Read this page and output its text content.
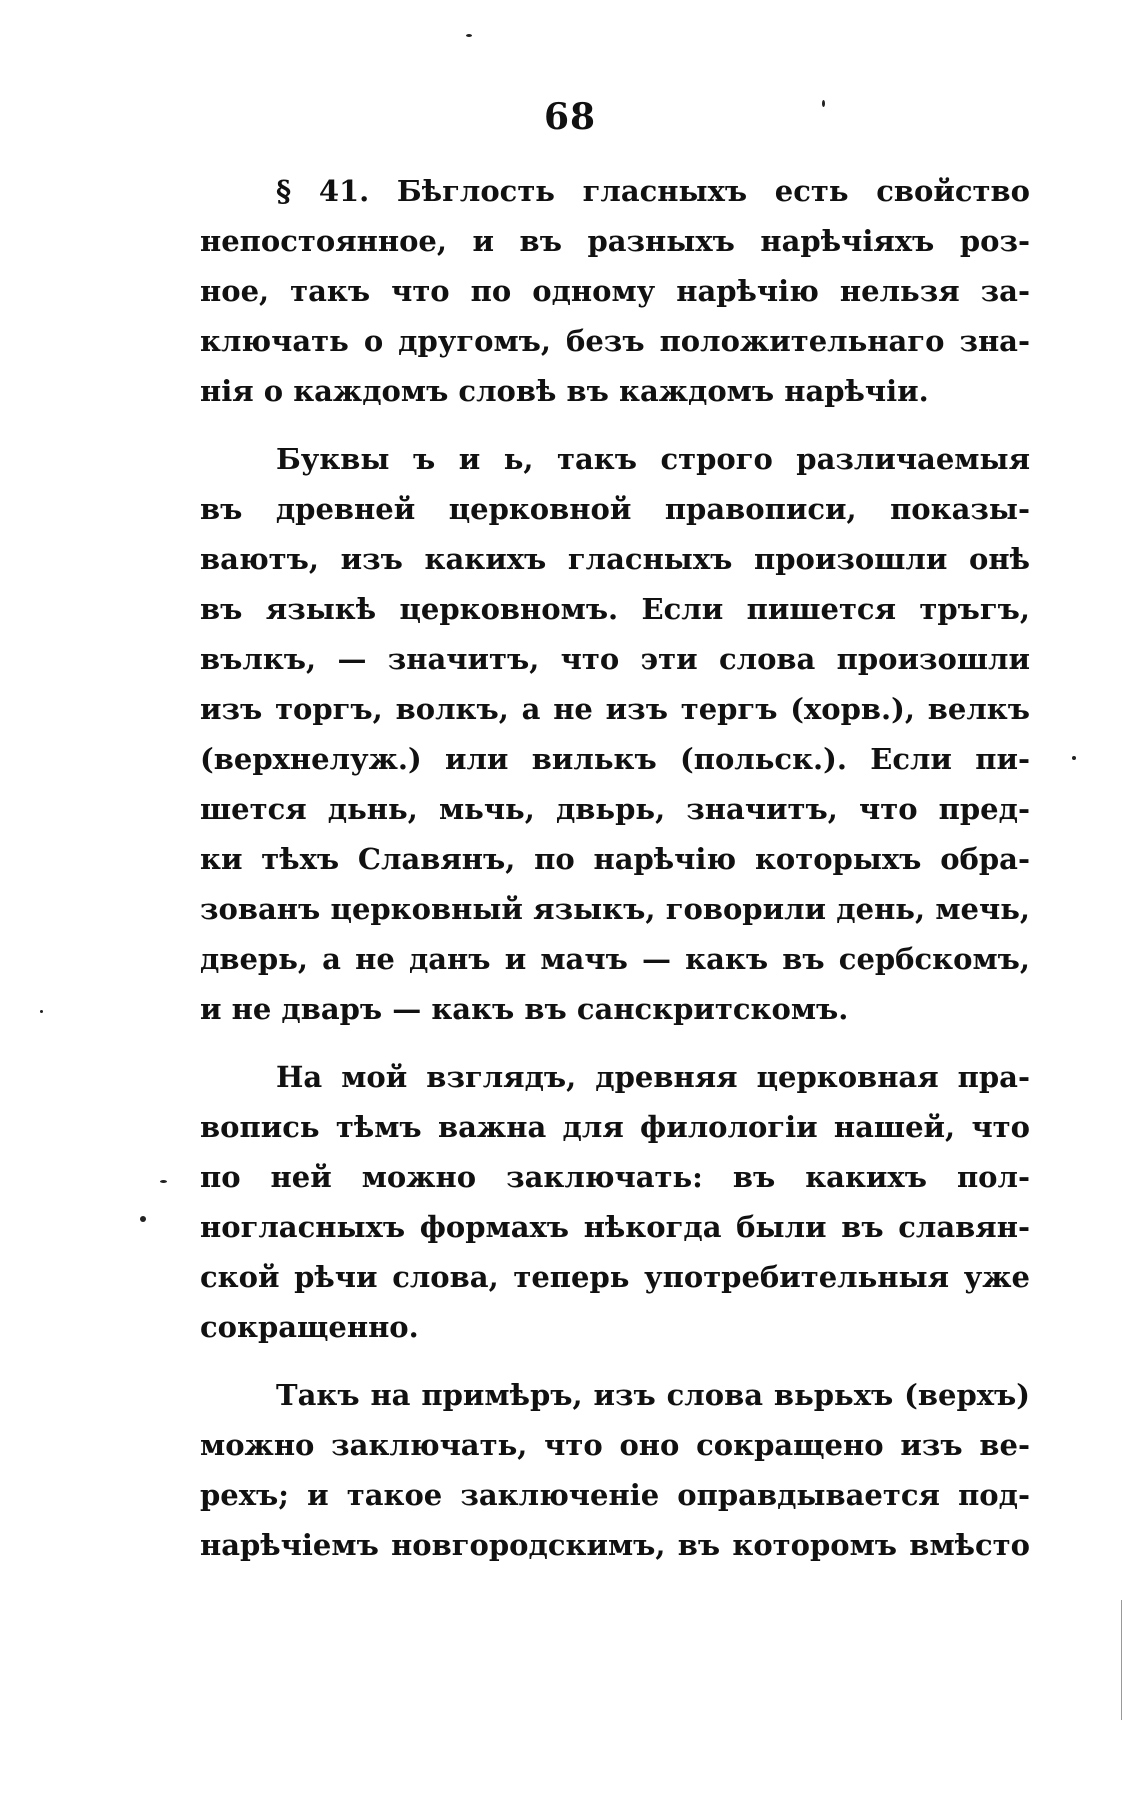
68
§ 41. Бѣглость гласныхъ есть свойство
непостоянное, и въ разныхъ нарѣчіяхъ роз-
ное, такъ что по одному нарѣчію нельзя за-
ключать о другомъ, безъ положительнаго зна-
нія о каждомъ словѣ въ каждомъ нарѣчіи.
Буквы ъ и ь, такъ строго различаемыя
въ древней церковной правописи, показы-
ваютъ, изъ какихъ гласныхъ произошли онѣ
въ языкѣ церковномъ. Если пишется тръгъ,
вълкъ, — значитъ, что эти слова произошли
изъ торгъ, волкъ, а не изъ тергъ (хорв.), велкъ
(верхнелуж.) или вилькъ (польск.). Если пи-
шется дьнь, мьчь, двьрь, значитъ, что пред-
ки тѣхъ Славянъ, по нарѣчію которыхъ обра-
зованъ церковный языкъ, говорили день, мечь,
дверь, а не данъ и мачъ — какъ въ сербскомъ,
и не дваръ — какъ въ санскритскомъ.
На мой взглядъ, древняя церковная пра-
вопись тѣмъ важна для филологіи нашей, что
по ней можно заключать: въ какихъ пол-
ногласныхъ формахъ нѣкогда были въ славян-
ской рѣчи слова, теперь употребительныя уже
сокращенно.
Такъ на примѣръ, изъ слова вьрьхъ (верхъ)
можно заключать, что оно сокращено изъ ве-
рехъ; и такое заключеніе оправдывается под-
нарѣчіемъ новгородскимъ, въ которомъ вмѣсто
